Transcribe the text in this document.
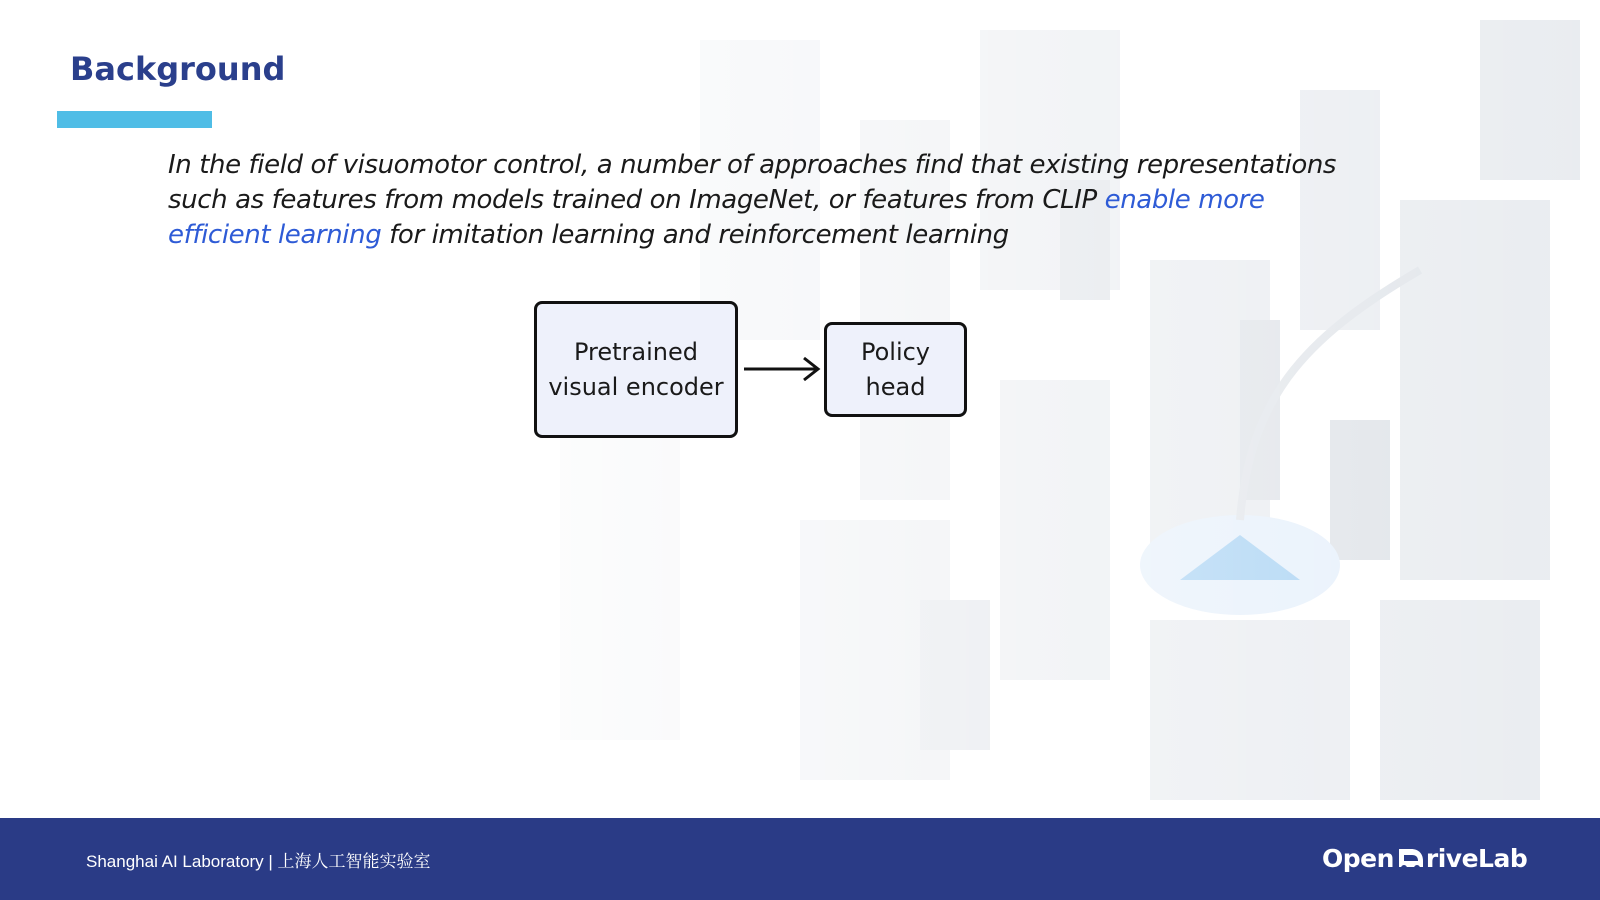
Background

In the field of visuomotor control, a number of approaches find that existing representations such as features from models trained on ImageNet, or features from CLIP enable more efficient learning for imitation learning and reinforcement learning

Pretrained
visual encoder
Policy
head
Shanghai AI Laboratory | 上海人工智能实验室	Open riveLab
